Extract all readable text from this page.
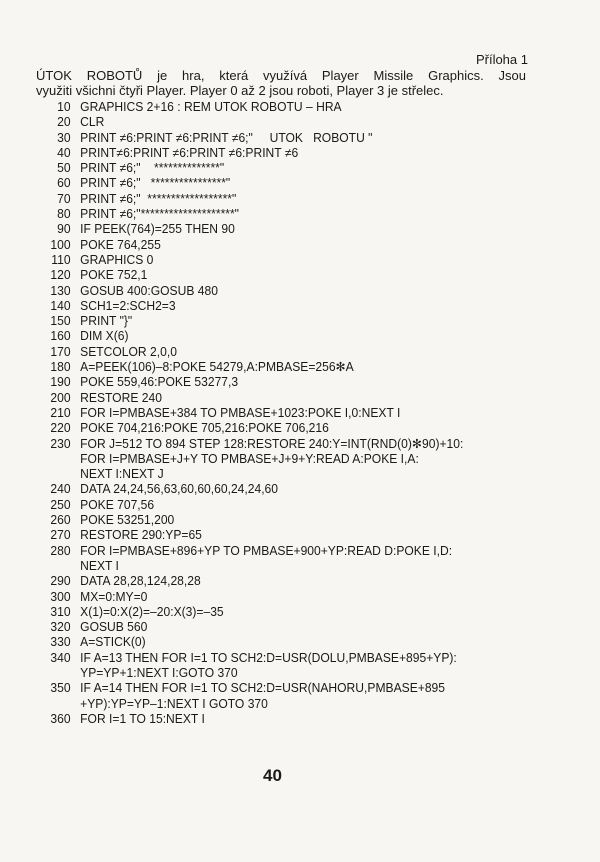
Příloha 1
ÚTOK ROBOTŮ je hra, která využívá Player Missile Graphics. Jsou
využiti všichni čtyři Player. Player 0 až 2 jsou roboti, Player 3 je střelec.
10 GRAPHICS 2+16 : REM UTOK ROBOTU – HRA
20 CLR
30 PRINT ≠6:PRINT ≠6:PRINT ≠6;"     UTOK   ROBOTU "
40 PRINT≠6:PRINT ≠6:PRINT ≠6:PRINT ≠6
50 PRINT ≠6;"    **************"
60 PRINT ≠6;"   ****************"
70 PRINT ≠6;"  ******************"
80 PRINT ≠6;"********************"
90 IF PEEK(764)=255 THEN 90
100 POKE 764,255
110 GRAPHICS 0
120 POKE 752,1
130 GOSUB 400:GOSUB 480
140 SCH1=2:SCH2=3
150 PRINT "}"
160 DIM X(6)
170 SETCOLOR 2,0,0
180 A=PEEK(106)–8:POKE 54279,A:PMBASE=256✻A
190 POKE 559,46:POKE 53277,3
200 RESTORE 240
210 FOR I=PMBASE+384 TO PMBASE+1023:POKE I,0:NEXT I
220 POKE 704,216:POKE 705,216:POKE 706,216
230 FOR J=512 TO 894 STEP 128:RESTORE 240:Y=INT(RND(0)✻90)+10:
FOR I=PMBASE+J+Y TO PMBASE+J+9+Y:READ A:POKE I,A:
NEXT I:NEXT J
240 DATA 24,24,56,63,60,60,60,24,24,60
250 POKE 707,56
260 POKE 53251,200
270 RESTORE 290:YP=65
280 FOR I=PMBASE+896+YP TO PMBASE+900+YP:READ D:POKE I,D:
NEXT I
290 DATA 28,28,124,28,28
300 MX=0:MY=0
310 X(1)=0:X(2)=–20:X(3)=–35
320 GOSUB 560
330 A=STICK(0)
340 IF A=13 THEN FOR I=1 TO SCH2:D=USR(DOLU,PMBASE+895+YP):
YP=YP+1:NEXT I:GOTO 370
350 IF A=14 THEN FOR I=1 TO SCH2:D=USR(NAHORU,PMBASE+895
+YP):YP=YP–1:NEXT I GOTO 370
360 FOR I=1 TO 15:NEXT I
40
